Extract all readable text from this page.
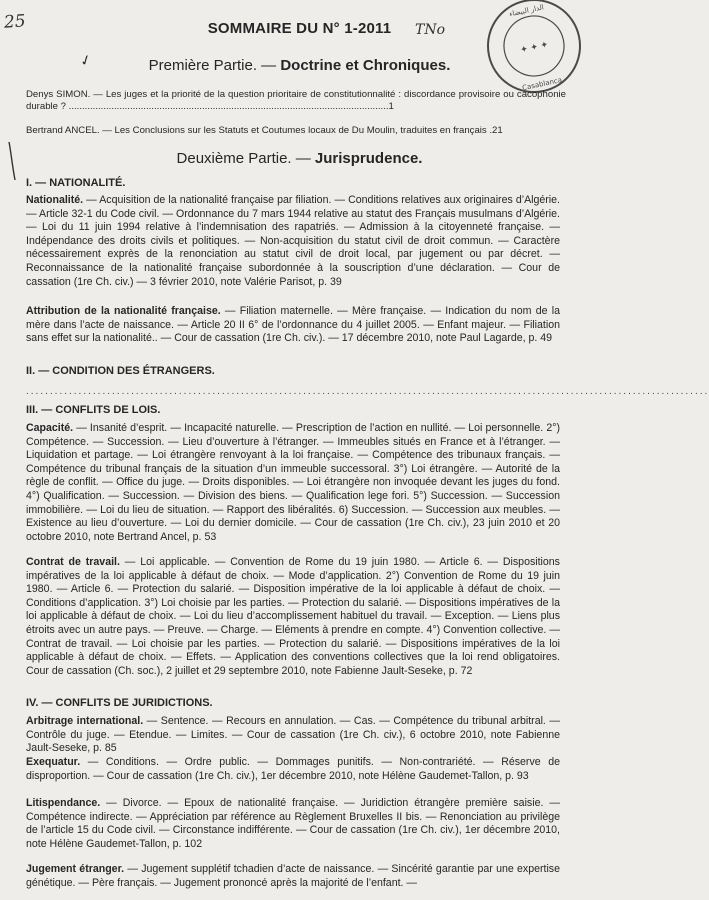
25	TNo
✓
✦ ✦ ✦
الدار البيضاء
Casablanca
SOMMAIRE DU N° 1-2011
Première Partie. — Doctrine et Chroniques.
Denys SIMON. — Les juges et la priorité de la question prioritaire de constitutionnalité : discordance provisoire ou cacophonie durable ? ........................................................................................................................1
Bertrand ANCEL. — Les Conclusions sur les Statuts et Coutumes locaux de Du Moulin, traduites en français .21
Deuxième Partie. — Jurisprudence.
I. — NATIONALITÉ.
Nationalité. — Acquisition de la nationalité française par filiation. — Conditions relatives aux originaires d’Algérie. — Article 32-1 du Code civil. — Ordonnance du 7 mars 1944 relative au statut des Français musulmans d’Algérie. — Loi du 11 juin 1994 relative à l’indemnisation des rapatriés. — Admission à la citoyenneté française. — Indépendance des droits civils et politiques. — Non-acquisition du statut civil de droit commun. — Caractère nécessairement exprès de la renonciation au statut civil de droit local, par jugement ou par décret. — Reconnaissance de la nationalité française subordonnée à la souscription d’une déclaration. — Cour de cassation (1re Ch. civ.) — 3 février 2010, note Valérie Parisot, p. 39
Attribution de la nationalité française. — Filiation maternelle. — Mère française. — Indication du nom de la mère dans l’acte de naissance. — Article 20 II 6° de l’ordonnance du 4 juillet 2005. — Enfant majeur. — Filiation sans effet sur la nationalité.. — Cour de cassation (1re Ch. civ.). — 17 décembre 2010, note Paul Lagarde, p. 49
II. — CONDITION DES ÉTRANGERS.
...............................................................................................................................................
III. — CONFLITS DE LOIS.
Capacité. — Insanité d’esprit. — Incapacité naturelle. — Prescription de l’action en nullité. — Loi personnelle. 2°) Compétence. — Succession. — Lieu d’ouverture à l’étranger. — Immeubles situés en France et à l’étranger. — Liquidation et partage. — Loi étrangère renvoyant à la loi française. — Compétence des tribunaux français. — Compétence du tribunal français de la situation d’un immeuble successoral. 3°) Loi étrangère. — Autorité de la règle de conflit. — Office du juge. — Droits disponibles. — Loi étrangère non invoquée devant les juges du fond. 4°) Qualification. — Succession. — Division des biens. — Qualification lege fori. 5°) Succession. — Succession immobilière. — Loi du lieu de situation. — Rapport des libéralités. 6) Succession. — Succession aux meubles. — Existence au lieu d’ouverture. — Loi du dernier domicile. — Cour de cassation (1re Ch. civ.), 23 juin 2010 et 20 octobre 2010, note Bertrand Ancel, p. 53
Contrat de travail. — Loi applicable. — Convention de Rome du 19 juin 1980. — Article 6. — Dispositions impératives de la loi applicable à défaut de choix. — Mode d’application. 2°) Convention de Rome du 19 juin 1980. — Article 6. — Protection du salarié. — Disposition impérative de la loi applicable à défaut de choix. — Conditions d’application. 3°) Loi choisie par les parties. — Protection du salarié. — Dispositions impératives de la loi applicable à défaut de choix. — Loi du lieu d’accomplissement habituel du travail. — Exception. — Liens plus étroits avec un autre pays. — Preuve. — Charge. — Eléments à prendre en compte. 4°) Convention collective. — Contrat de travail. — Loi choisie par les parties. — Protection du salarié. — Dispositions impératives de la loi applicable à défaut de choix. — Effets. — Application des conventions collectives que la loi rend obligatoires. Cour de cassation (Ch. soc.), 2 juillet et 29 septembre 2010, note Fabienne Jault-Seseke, p. 72
IV. — CONFLITS DE JURIDICTIONS.
Arbitrage international. — Sentence. — Recours en annulation. — Cas. — Compétence du tribunal arbitral. — Contrôle du juge. — Etendue. — Limites. — Cour de cassation (1re Ch. civ.), 6 octobre 2010, note Fabienne Jault-Seseke, p. 85
Exequatur. — Conditions. — Ordre public. — Dommages punitifs. — Non-contrariété. — Réserve de disproportion. — Cour de cassation (1re Ch. civ.), 1er décembre 2010, note Hélène Gaudemet-Tallon, p. 93
Litispendance. — Divorce. — Epoux de nationalité française. — Juridiction étrangère première saisie. — Compétence indirecte. — Appréciation par référence au Règlement Bruxelles II bis. — Renonciation au privilège de l’article 15 du Code civil. — Circonstance indifférente. — Cour de cassation (1re Ch. civ.), 1er décembre 2010, note Hélène Gaudemet-Tallon, p. 102
Jugement étranger. — Jugement supplétif tchadien d’acte de naissance. — Sincérité garantie par une expertise génétique. — Père français. — Jugement prononcé après la majorité de l’enfant. —
